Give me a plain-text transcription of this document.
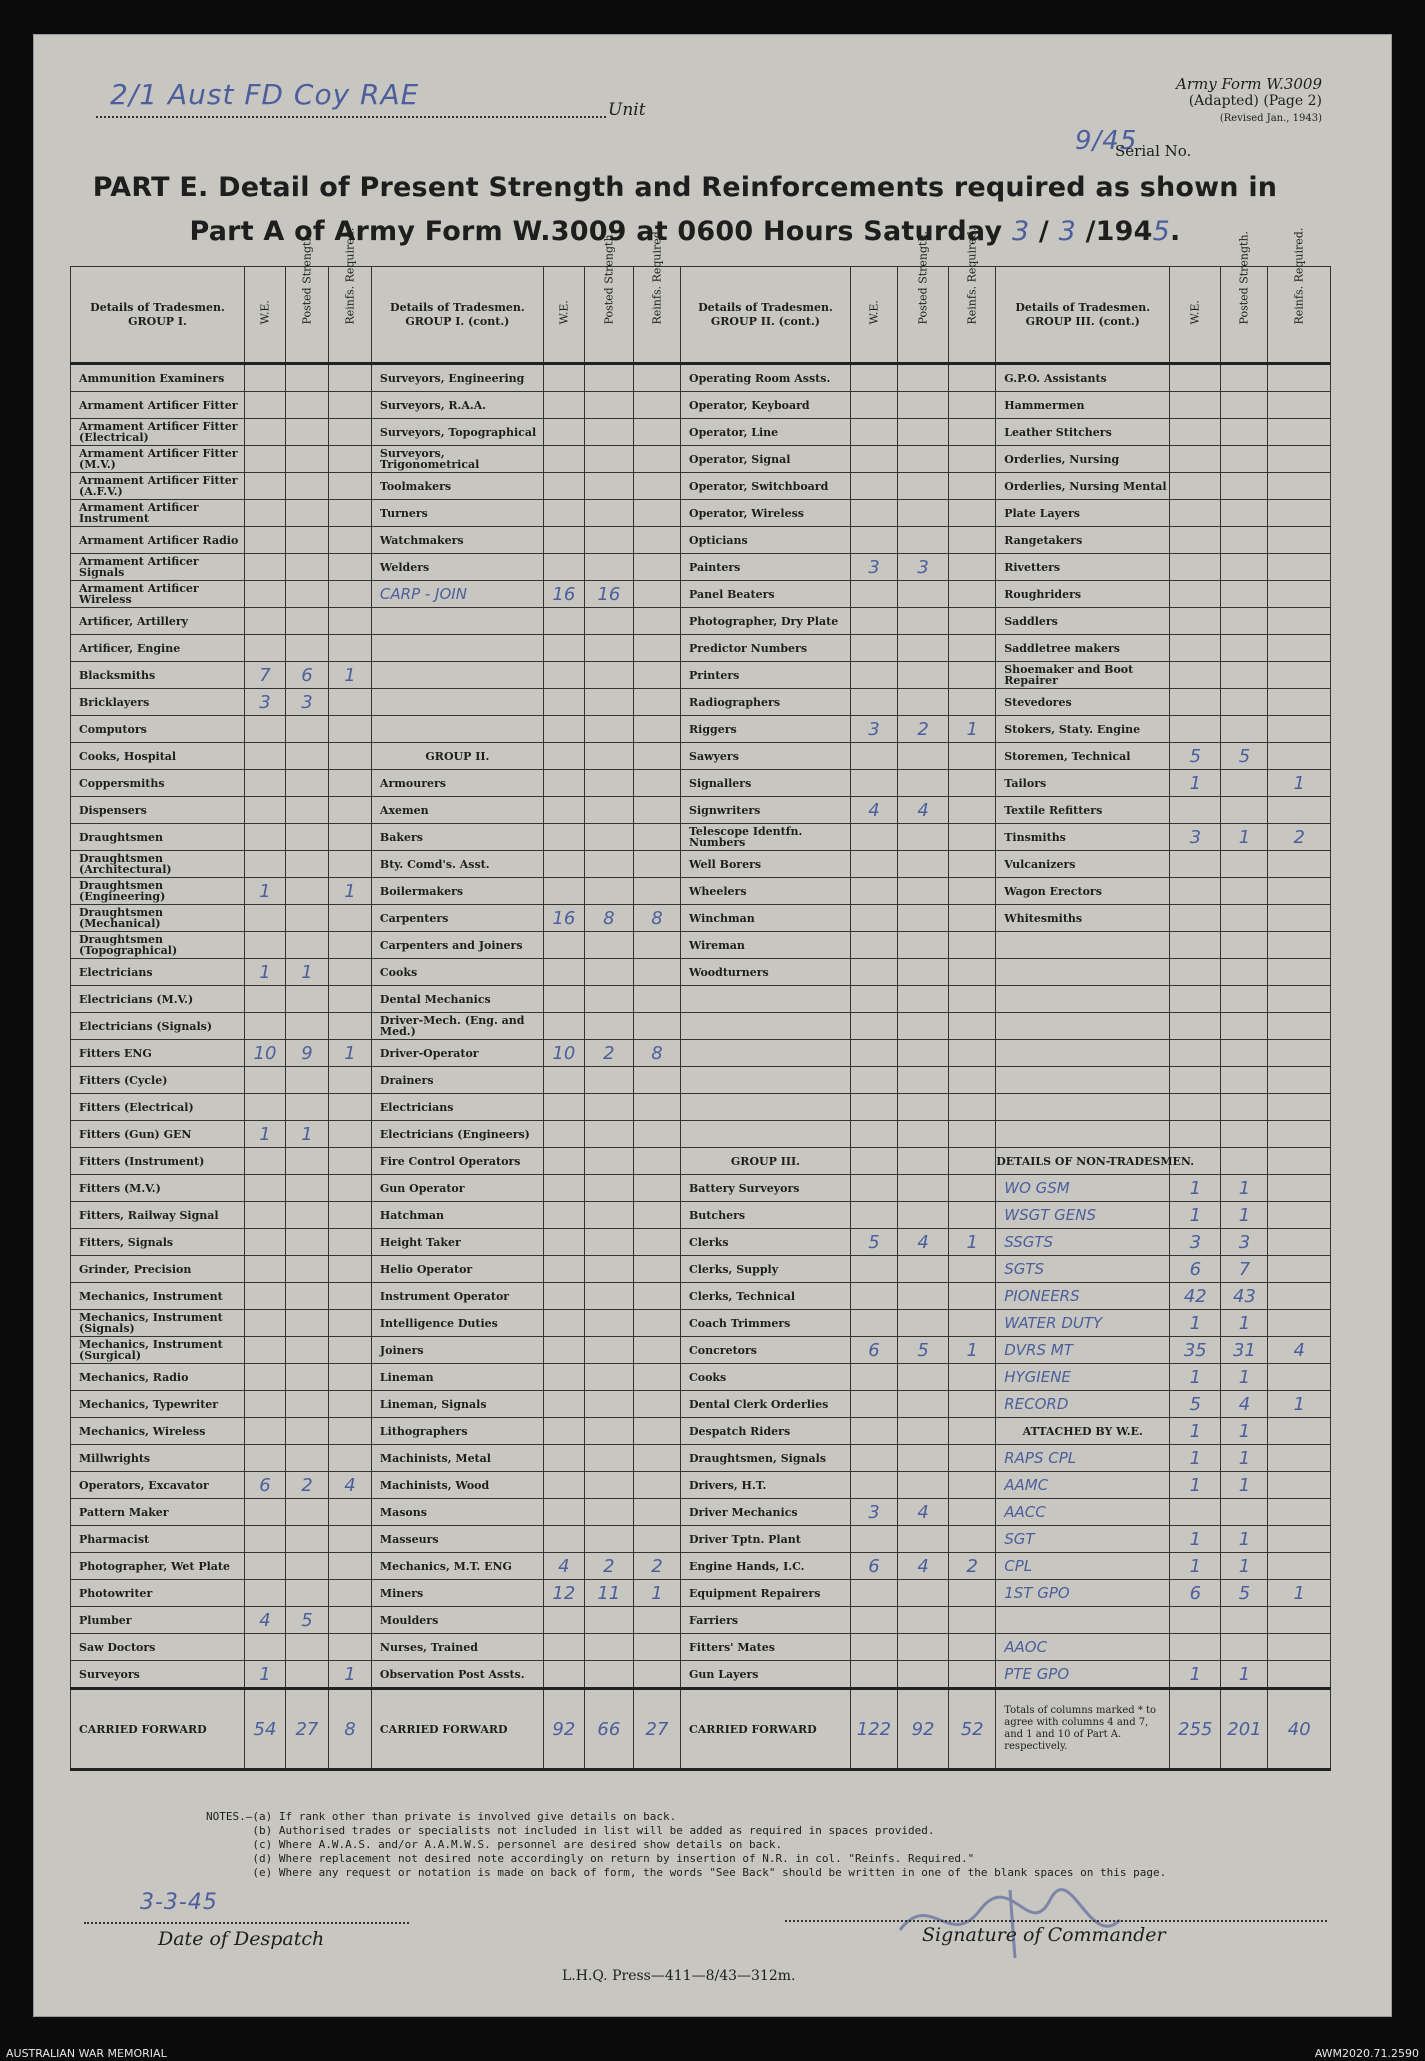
2/1 Aust FD Coy RAE	Unit
Army Form W.3009
(Adapted) (Page 2)
(Revised Jan., 1943)
9/45
Serial No.
PART E. Detail of Present Strength and Reinforcements required as shown in
Part A of Army Form W.3009 at 0600 Hours Saturday 3 / 3 /1945.
Details of Tradesmen. GROUP I.	W.E.	Posted Strength.	Reinfs. Required.	Details of Tradesmen. GROUP I. (cont.)	W.E.	Posted Strength.	Reinfs. Required.	Details of Tradesmen. GROUP II. (cont.)	W.E.	Posted Strength.	Reinfs. Required.	Details of Tradesmen. GROUP III. (cont.)	W.E.	Posted Strength.	Reinfs. Required.

Ammunition Examiners				Surveyors, Engineering				Operating Room Assts.				G.P.O. Assistants			
Armament Artificer Fitter				Surveyors, R.A.A.				Operator, Keyboard				Hammermen			
Armament Artificer Fitter (Electrical)				Surveyors, Topographical				Operator, Line				Leather Stitchers			
Armament Artificer Fitter (M.V.)				Surveyors, Trigonometrical				Operator, Signal				Orderlies, Nursing			
Armament Artificer Fitter (A.F.V.)				Toolmakers				Operator, Switchboard				Orderlies, Nursing Mental			
Armament Artificer Instrument				Turners				Operator, Wireless				Plate Layers			
Armament Artificer Radio				Watchmakers				Opticians				Rangetakers			
Armament Artificer Signals				Welders				Painters	3	3		Rivetters			
Armament Artificer Wireless				CARP - JOIN	16	16		Panel Beaters				Roughriders			
Artificer, Artillery								Photographer, Dry Plate				Saddlers			
Artificer, Engine								Predictor Numbers				Saddletree makers			
Blacksmiths	7	6	1					Printers				Shoemaker and Boot Repairer			
Bricklayers	3	3						Radiographers				Stevedores			
Computors								Riggers	3	2	1	Stokers, Staty. Engine			
Cooks, Hospital				GROUP II.				Sawyers				Storemen, Technical	5	5	
Coppersmiths				Armourers				Signallers				Tailors	1		1
Dispensers				Axemen				Signwriters	4	4		Textile Refitters			
Draughtsmen				Bakers				Telescope Identfn. Numbers				Tinsmiths	3	1	2
Draughtsmen (Architectural)				Bty. Comd's. Asst.				Well Borers				Vulcanizers			
Draughtsmen (Engineering)	1		1	Boilermakers				Wheelers				Wagon Erectors			
Draughtsmen (Mechanical)				Carpenters	16	8	8	Winchman				Whitesmiths			
Draughtsmen (Topographical)				Carpenters and Joiners				Wireman							
Electricians	1	1		Cooks				Woodturners							
Electricians (M.V.)				Dental Mechanics											
Electricians (Signals)				Driver-Mech. (Eng. and Med.)											
Fitters ENG	10	9	1	Driver-Operator	10	2	8								
Fitters (Cycle)				Drainers											
Fitters (Electrical)				Electricians											
Fitters (Gun) GEN	1	1		Electricians (Engineers)											
Fitters (Instrument)				Fire Control Operators				GROUP III.				DETAILS OF NON-TRADESMEN.			
Fitters (M.V.)				Gun Operator				Battery Surveyors				WO GSM	1	1	
Fitters, Railway Signal				Hatchman				Butchers				WSGT GENS	1	1	
Fitters, Signals				Height Taker				Clerks	5	4	1	SSGTS	3	3	
Grinder, Precision				Helio Operator				Clerks, Supply				SGTS	6	7	
Mechanics, Instrument				Instrument Operator				Clerks, Technical				PIONEERS	42	43	
Mechanics, Instrument (Signals)				Intelligence Duties				Coach Trimmers				WATER DUTY	1	1	
Mechanics, Instrument (Surgical)				Joiners				Concretors	6	5	1	DVRS MT	35	31	4
Mechanics, Radio				Lineman				Cooks				HYGIENE	1	1	
Mechanics, Typewriter				Lineman, Signals				Dental Clerk Orderlies				RECORD	5	4	1
Mechanics, Wireless				Lithographers				Despatch Riders				ATTACHED BY W.E.	1	1	
Millwrights				Machinists, Metal				Draughtsmen, Signals				RAPS CPL	1	1	
Operators, Excavator	6	2	4	Machinists, Wood				Drivers, H.T.				AAMC	1	1	
Pattern Maker				Masons				Driver Mechanics	3	4		AACC			
Pharmacist				Masseurs				Driver Tptn. Plant				SGT	1	1	
Photographer, Wet Plate				Mechanics, M.T. ENG	4	2	2	Engine Hands, I.C.	6	4	2	CPL	1	1	
Photowriter				Miners	12	11	1	Equipment Repairers				1ST GPO	6	5	1
Plumber	4	5		Moulders				Farriers							
Saw Doctors				Nurses, Trained				Fitters' Mates				AAOC			
Surveyors	1		1	Observation Post Assts.				Gun Layers				PTE GPO	1	1	
CARRIED FORWARD	54	27	8	CARRIED FORWARD	92	66	27	CARRIED FORWARD	122	92	52	Totals of columns marked * to agree with columns 4 and 7, and 1 and 10 of Part A. respectively.	255	201	40
NOTES.—(a) If rank other than private is involved give details on back.
(b) Authorised trades or specialists not included in list will be added as required in spaces provided.
(c) Where A.W.A.S. and/or A.A.M.W.S. personnel are desired show details on back.
(d) Where replacement not desired note accordingly on return by insertion of N.R. in col. "Reinfs. Required."
(e) Where any request or notation is made on back of form, the words "See Back" should be written in one of the blank spaces on this page.
3-3-45
Date of Despatch	Signature of Commander
L.H.Q. Press—411—8/43—312m.
AUSTRALIAN WAR MEMORIAL	AWM2020.71.2590
